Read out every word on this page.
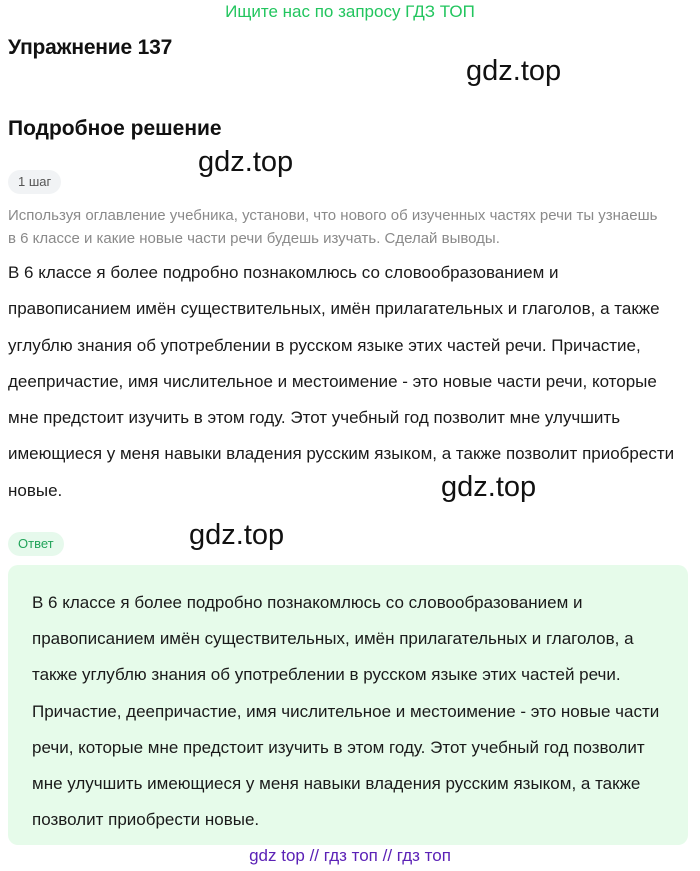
Ищите нас по запросу ГДЗ ТОП
Упражнение 137
gdz.top
Подробное решение
gdz.top
1 шаг
Используя оглавление учебника, установи, что нового об изученных частях речи ты узнаешь в 6 классе и какие новые части речи будешь изучать. Сделай выводы.
В 6 классе я более подробно познакомлюсь со словообразованием и правописанием имён существительных, имён прилагательных и глаголов, а также углублю знания об употреблении в русском языке этих частей речи. Причастие, деепричастие, имя числительное и местоимение - это новые части речи, которые мне предстоит изучить в этом году. Этот учебный год позволит мне улучшить имеющиеся у меня навыки владения русским языком, а также позволит приобрести новые.	gdz.top
Ответ	gdz.top
В 6 классе я более подробно познакомлюсь со словообразованием и правописанием имён существительных, имён прилагательных и глаголов, а также углублю знания об употреблении в русском языке этих частей речи. Причастие, деепричастие, имя числительное и местоимение - это новые части речи, которые мне предстоит изучить в этом году. Этот учебный год позволит мне улучшить имеющиеся у меня навыки владения русским языком, а также позволит приобрести новые.
gdz top // гдз топ // гдз топ
